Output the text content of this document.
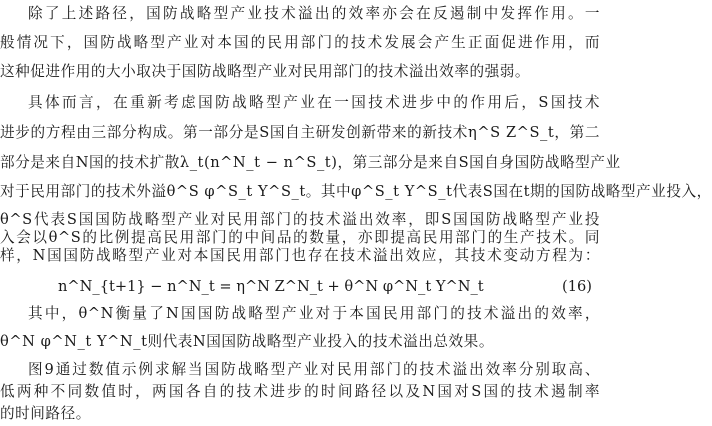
除了上述路径，国防战略型产业技术溢出的效率亦会在反遏制中发挥作用。一
般情况下，国防战略型产业对本国的民用部门的技术发展会产生正面促进作用，而
这种促进作用的大小取决于国防战略型产业对民用部门的技术溢出效率的强弱。
具体而言，在重新考虑国防战略型产业在一国技术进步中的作用后，S国技术
进步的方程由三部分构成。第一部分是S国自主研发创新带来的新技术η^S Z^S_t，第二
部分是来自N国的技术扩散λ_t(n^N_t − n^S_t)，第三部分是来自S国自身国防战略型产业
对于民用部门的技术外溢θ^S φ^S_t Y^S_t。其中φ^S_t Y^S_t代表S国在t期的国防战略型产业投入，
θ^S代表S国国防战略型产业对民用部门的技术溢出效率，即S国国防战略型产业投
入会以θ^S的比例提高民用部门的中间品的数量，亦即提高民用部门的生产技术。同
样，N国国防战略型产业对本国民用部门也存在技术溢出效应，其技术变动方程为：
n^N_{t+1} − n^N_t = η^N Z^N_t + θ^N φ^N_t Y^N_t	(16)
其中，θ^N衡量了N国国防战略型产业对于本国民用部门的技术溢出的效率，
θ^N φ^N_t Y^N_t则代表N国国防战略型产业投入的技术溢出总效果。
图9通过数值示例求解当国防战略型产业对民用部门的技术溢出效率分别取高、
低两种不同数值时，两国各自的技术进步的时间路径以及N国对S国的技术遏制率
的时间路径。
